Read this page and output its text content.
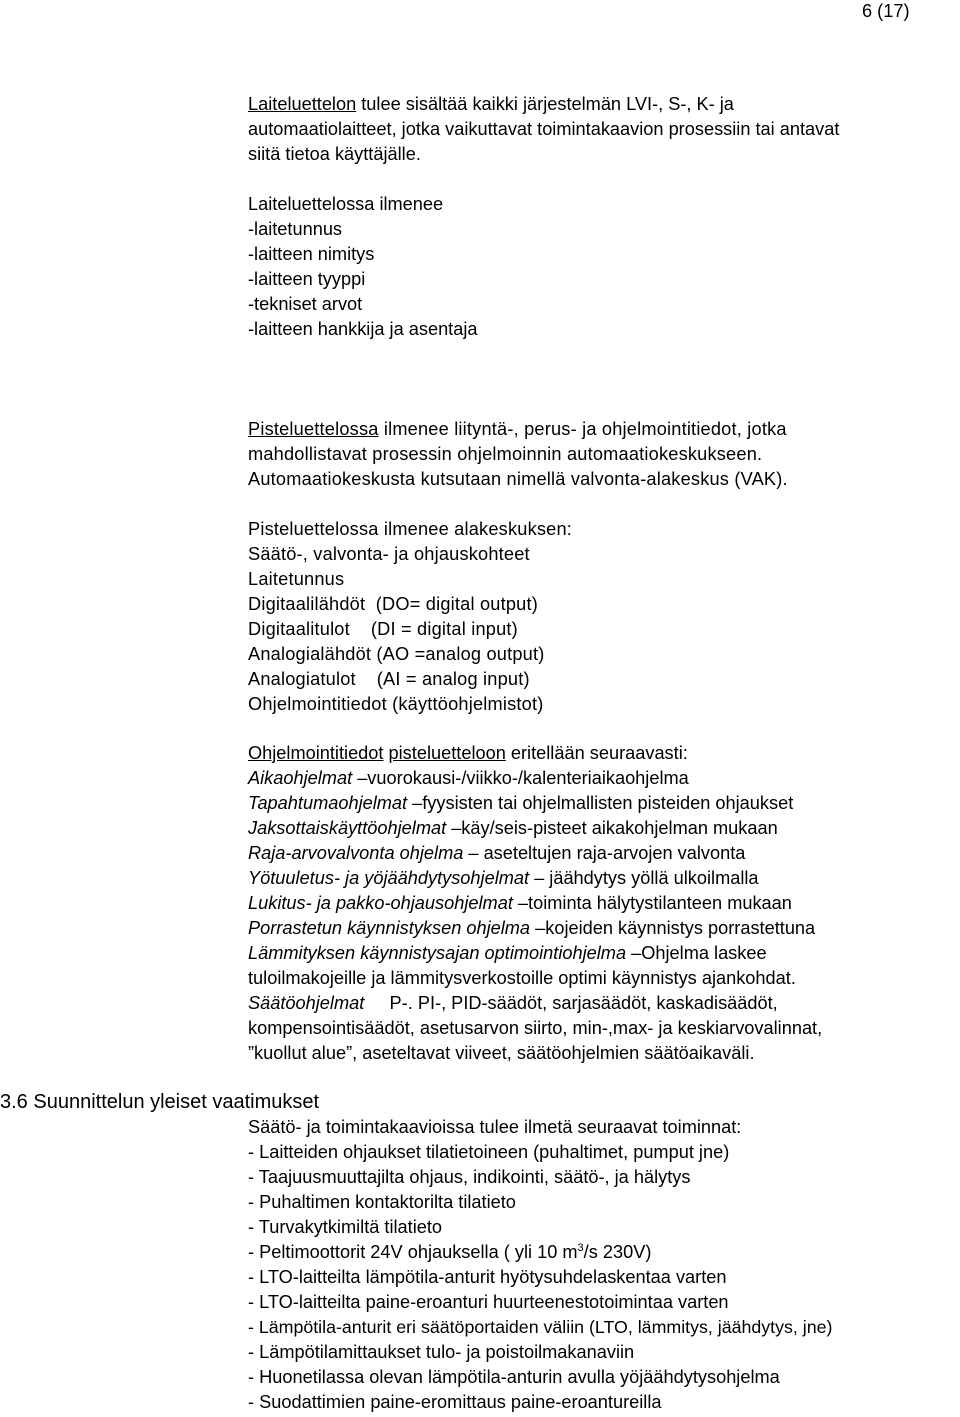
6 (17)
Laiteluettelon tulee sisältää kaikki järjestelmän LVI-, S-, K- ja
automaatiolaitteet, jotka vaikuttavat toimintakaavion prosessiin tai antavat
siitä tietoa käyttäjälle.
Laiteluettelossa ilmenee
-laitetunnus
-laitteen nimitys
-laitteen tyyppi
-tekniset arvot
-laitteen hankkija ja asentaja
Pisteluettelossa ilmenee liityntä-, perus- ja ohjelmointitiedot, jotka
mahdollistavat prosessin ohjelmoinnin automaatiokeskukseen.
Automaatiokeskusta kutsutaan nimellä valvonta-alakeskus (VAK).
Pisteluettelossa ilmenee alakeskuksen:
Säätö-, valvonta- ja ohjauskohteet
Laitetunnus
Digitaalilähdöt  (DO= digital output)
Digitaalitulot    (DI = digital input)
Analogialähdöt (AO =analog output)
Analogiatulot    (AI = analog input)
Ohjelmointitiedot (käyttöohjelmistot)
Ohjelmointitiedot pisteluetteloon eritellään seuraavasti:
Aikaohjelmat –vuorokausi-/viikko-/kalenteriaikaohjelma
Tapahtumaohjelmat –fyysisten tai ohjelmallisten pisteiden ohjaukset
Jaksottaiskäyttöohjelmat –käy/seis-pisteet aikakohjelman mukaan
Raja-arvovalvonta ohjelma – aseteltujen raja-arvojen valvonta
Yötuuletus- ja yöjäähdytysohjelmat – jäähdytys yöllä ulkoilmalla
Lukitus- ja pakko-ohjausohjelmat –toiminta hälytystilanteen mukaan
Porrastetun käynnistyksen ohjelma –kojeiden käynnistys porrastettuna
Lämmityksen käynnistysajan optimointiohjelma –Ohjelma laskee
tuloilmakojeille ja lämmitysverkostoille optimi käynnistys ajankohdat.
Säätöohjelmat     P-. PI-, PID-säädöt, sarjasäädöt, kaskadisäädöt,
kompensointisäädöt, asetusarvon siirto, min-,max- ja keskiarvovalinnat,
”kuollut alue”, aseteltavat viiveet, säätöohjelmien säätöaikaväli.
3.6 Suunnittelun yleiset vaatimukset
Säätö- ja toimintakaavioissa tulee ilmetä seuraavat toiminnat:
- Laitteiden ohjaukset tilatietoineen (puhaltimet, pumput jne)
- Taajuusmuuttajilta ohjaus, indikointi, säätö-, ja hälytys
- Puhaltimen kontaktorilta tilatieto
- Turvakytkimiltä tilatieto
- Peltimoottorit 24V ohjauksella ( yli 10 $m^3/s$ 230V)
- LTO-laitteilta lämpötila-anturit hyötysuhdelaskentaa varten
- LTO-laitteilta paine-eroanturi huurteenestotoimintaa varten
- Lämpötila-anturit eri säätöportaiden väliin (LTO, lämmitys, jäähdytys, jne)
- Lämpötilamittaukset tulo- ja poistoilmakanaviin
- Huonetilassa olevan lämpötila-anturin avulla yöjäähdytysohjelma
- Suodattimien paine-eromittaus paine-eroantureilla
